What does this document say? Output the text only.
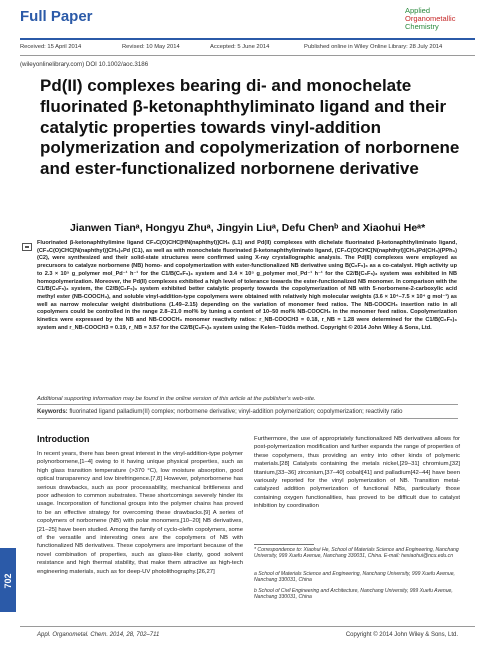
Full Paper	Applied
Organometallic
Chemistry
Received: 15 April 2014	Revised: 10 May 2014	Accepted: 5 June 2014	Published online in Wiley Online Library: 28 July 2014
(wileyonlinelibrary.com) DOI 10.1002/aoc.3186
Pd(II) complexes bearing di- and monochelate fluorinated β-ketonaphthyliminato ligand and their catalytic properties towards vinyl-addition polymerization and copolymerization of norbornene and ester-functionalized norbornene derivative
Jianwen Tianᵃ, Hongyu Zhuᵃ, Jingyin Liuᵃ, Defu Chenᵇ and Xiaohui Heᵃ*

Fluorinated β-ketonaphthylimine ligand CF₃C(O)CHC[HN(naphthyl)]CH₃ (L1) and Pd(II) complexes with dichelate fluorinated β-ketonaphthyliminato ligand, (CF₃C(O)CHC[N(naphthyl)]CH₃)₂Pd (C1), as well as with monochelate fluorinated β-ketonaphthyliminato ligand, (CF₃C(O)CHC[N(naphthyl)]CH₃)Pd(CH₃)(PPh₃) (C2), were synthesized and their solid-state structures were confirmed using X-ray crystallographic analysis. The Pd(II) complexes were employed as precursors to catalyze norbornene (NB) homo- and copolymerization with ester-functionalized NB derivative using B(C₆F₅)₃ as a co-catalyst. High activity up to 2.3 × 10⁵ g_polymer mol_Pd⁻¹ h⁻¹ for the C1/B(C₆F₅)₃ system and 3.4 × 10⁵ g_polymer mol_Pd⁻¹ h⁻¹ for the C2/B(C₆F₅)₃ system was exhibited in NB homopolymerization. Moreover, the Pd(II) complexes exhibited a high level of tolerance towards the ester-functionalized NB monomer. In comparison with the C1/B(C₆F₅)₃ system, the C2/B(C₆F₅)₃ system exhibited better catalytic property towards the copolymerization of NB with 5-norbornene-2-carboxylic acid methyl ester (NB-COOCH₃), and soluble vinyl-addition-type copolymers were obtained with relatively high molecular weights (3.6 × 10⁴–7.5 × 10⁴ g mol⁻¹) as well as narrow molecular weight distributions (1.49–2.15) depending on the variation of monomer feed ratios. The NB-COOCH₃ insertion ratio in all copolymers could be controlled in the range 2.8–21.0 mol% by tuning a content of 10–50 mol% NB-COOCH₃ in the monomer feed ratios. Copolymerization kinetics were expressed by the NB and NB-COOCH₃ monomer reactivity ratios: r_NB-COOCH3 = 0.18, r_NB = 1.28 were determined for the C1/B(C₆F₅)₃ system and r_NB-COOCH3 = 0.19, r_NB = 3.57 for the C2/B(C₆F₅)₃ system using the Kelen–Tüdős method. Copyright © 2014 John Wiley & Sons, Ltd.

Additional supporting information may be found in the online version of this article at the publisher's web-site.
Keywords: fluorinated ligand palladium(II) complex; norbornene derivative; vinyl-addition polymerization; copolymerization; reactivity ratio
Introduction

In recent years, there has been great interest in the vinyl-addition-type polymer polynorbornene,[1–4] owing to it having unique physical properties, such as high glass transition temperature (>370 °C), low moisture absorption, good optical transparency and low birefringence.[7,8] However, polynorbornene has serious drawbacks, such as poor processability, mechanical brittleness and poor adhesion to common substrates. These shortcomings severely hinder its usage. Incorporation of functional groups into the polymer chains has proved to be an effective strategy for overcoming these drawbacks.[9] A series of copolymers of norbornene (NB) with polar monomers,[10–20] NB derivatives,[21–25] have been studied. Among the family of cyclo-olefin copolymers, some of the versatile and interesting ones are the copolymers of NB with functionalized NB derivatives. These copolymers are important because of the novel combination of properties, such as glass-like clarity, good solvent resistance and high thermal stability, that make them attractive as high-tech engineering materials, such as for deep-UV photolithography.[26,27]

Furthermore, the use of appropriately functionalized NB derivatives allows for post-polymerization modification and further expands the range of properties of these copolymers, thus providing an entry into other kinds of polymeric materials.[28] Catalysts containing the metals nickel,[29–31] chromium,[32] titanium,[33–36] zirconium,[37–40] cobalt[41] and palladium[42–44] have been variously reported for the vinyl polymerization of NB. Transition metal-catalyzed addition polymerization of functional NBs, particularly those containing oxygen functionalities, has proved to be difficult due to catalyst inhibition by coordination

* Correspondence to: Xiaohui He, School of Materials Science and Engineering, Nanchang University, 999 Xuefu Avenue, Nanchang 330031, China. E-mail: hexiaohui@ncu.edu.cn

a School of Materials Science and Engineering, Nanchang University, 999 Xuefu Avenue, Nanchang 330031, China

b School of Civil Engineering and Architecture, Nanchang University, 999 Xuefu Avenue, Nanchang 330031, China

702
Appl. Organometal. Chem. 2014, 28, 702–711	Copyright © 2014 John Wiley & Sons, Ltd.
